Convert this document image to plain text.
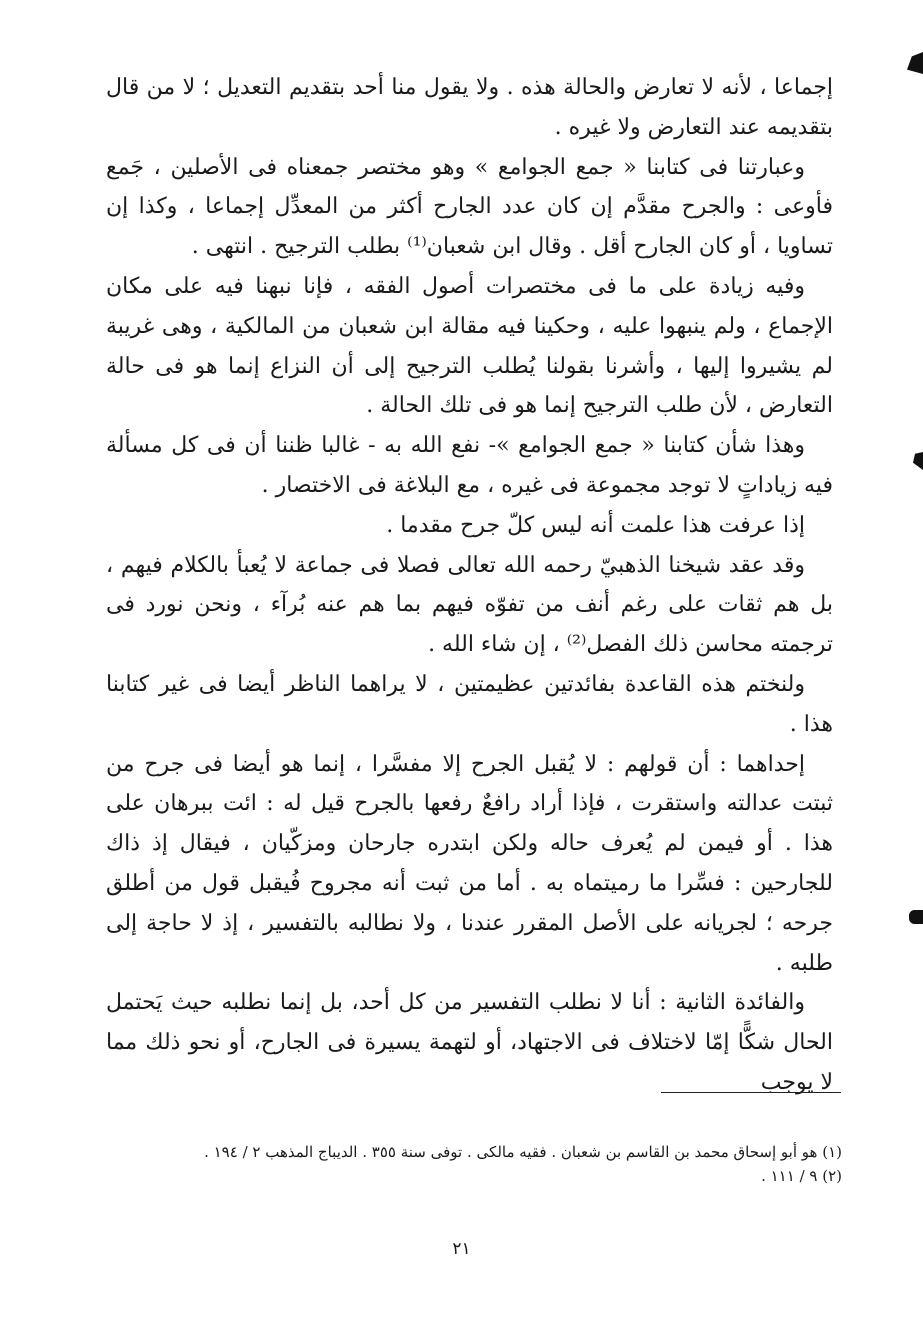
إجماعا ، لأنه لا تعارض والحالة هذه . ولا يقول منا أحد بتقديم التعديل ؛ لا من قال بتقديمه عند التعارض ولا غيره .

وعبارتنا فى كتابنا « جمع الجوامع » وهو مختصر جمعناه فى الأصلين ، جَمع فأوعى : والجرح مقدَّم إن كان عدد الجارح أكثر من المعدِّل إجماعا ، وكذا إن تساويا ، أو كان الجارح أقل . وقال ابن شعبان⁽¹⁾ بطلب الترجيح . انتهى .

وفيه زيادة على ما فى مختصرات أصول الفقه ، فإنا نبهنا فيه على مكان الإجماع ، ولم ينبهوا عليه ، وحكينا فيه مقالة ابن شعبان من المالكية ، وهى غريبة لم يشيروا إليها ، وأشرنا بقولنا يُطلب الترجيح إلى أن النزاع إنما هو فى حالة التعارض ، لأن طلب الترجيح إنما هو فى تلك الحالة .

وهذا شأن كتابنا « جمع الجوامع »- نفع الله به - غالبا ظننا أن فى كل مسألة فيه زياداتٍ لا توجد مجموعة فى غيره ، مع البلاغة فى الاختصار .

إذا عرفت هذا علمت أنه ليس كلّ جرح مقدما .

وقد عقد شيخنا الذهبيّ رحمه الله تعالى فصلا فى جماعة لا يُعبأ بالكلام فيهم ، بل هم ثقات على رغم أنف من تفوّه فيهم بما هم عنه بُرآء ، ونحن نورد فى ترجمته محاسن ذلك الفصل⁽²⁾ ، إن شاء الله .

ولنختم هذه القاعدة بفائدتين عظيمتين ، لا يراهما الناظر أيضا فى غير كتابنا هذا .

إحداهما : أن قولهم : لا يُقبل الجرح إلا مفسَّرا ، إنما هو أيضا فى جرح من ثبتت عدالته واستقرت ، فإذا أراد رافعٌ رفعها بالجرح قيل له : ائت ببرهان على هذا . أو فيمن لم يُعرف حاله ولكن ابتدره جارحان ومزكّيان ، فيقال إذ ذاك للجارحين : فسِّرا ما رميتماه به . أما من ثبت أنه مجروح فُيقبل قول من أطلق جرحه ؛ لجريانه على الأصل المقرر عندنا ، ولا نطالبه بالتفسير ، إذ لا حاجة إلى طلبه .

والفائدة الثانية : أنا لا نطلب التفسير من كل أحد، بل إنما نطلبه حيث يَحتمل الحال شكًّا إمّا لاختلاف فى الاجتهاد، أو لتهمة يسيرة فى الجارح، أو نحو ذلك مما لا يوجب

(١) هو أبو إسحاق محمد بن القاسم بن شعبان . فقيه مالكى . توفى سنة ٣٥٥ . الديباج المذهب ٢ / ١٩٤ .

(٢) ٩ / ١١١ .

٢١
